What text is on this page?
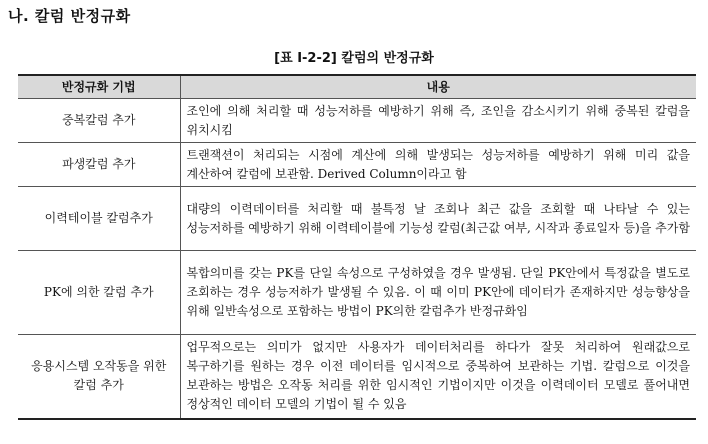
나. 칼럼 반정규화
[표 Ⅰ-2-2] 칼럼의 반정규화
반정규화 기법	내용
중복칼럼 추가	조인에 의해 처리할 때 성능저하를 예방하기 위해 즉, 조인을 감소시키기 위해 중복된 칼럼을 위치시킴
파생칼럼 추가	트랜잭션이 처리되는 시점에 계산에 의해 발생되는 성능저하를 예방하기 위해 미리 값을 계산하여 칼럼에 보관함. Derived Column이라고 함
이력테이블 칼럼추가	대량의 이력데이터를 처리할 때 불특정 날 조회나 최근 값을 조회할 때 나타날 수 있는 성능저하를 예방하기 위해 이력테이블에 기능성 칼럼(최근값 여부, 시작과 종료일자 등)을 추가함
PK에 의한 칼럼 추가	복합의미를 갖는 PK를 단일 속성으로 구성하였을 경우 발생됨. 단일 PK안에서 특정값을 별도로 조회하는 경우 성능저하가 발생될 수 있음. 이 때 이미 PK안에 데이터가 존재하지만 성능향상을 위해 일반속성으로 포함하는 방법이 PK의한 칼럼추가 반정규화임
응용시스템 오작동을 위한 칼럼 추가	업무적으로는 의미가 없지만 사용자가 데이터처리를 하다가 잘못 처리하여 원래값으로 복구하기를 원하는 경우 이전 데이터를 임시적으로 중복하여 보관하는 기법. 칼럼으로 이것을 보관하는 방법은 오작동 처리를 위한 임시적인 기법이지만 이것을 이력데이터 모델로 풀어내면 정상적인 데이터 모델의 기법이 될 수 있음
